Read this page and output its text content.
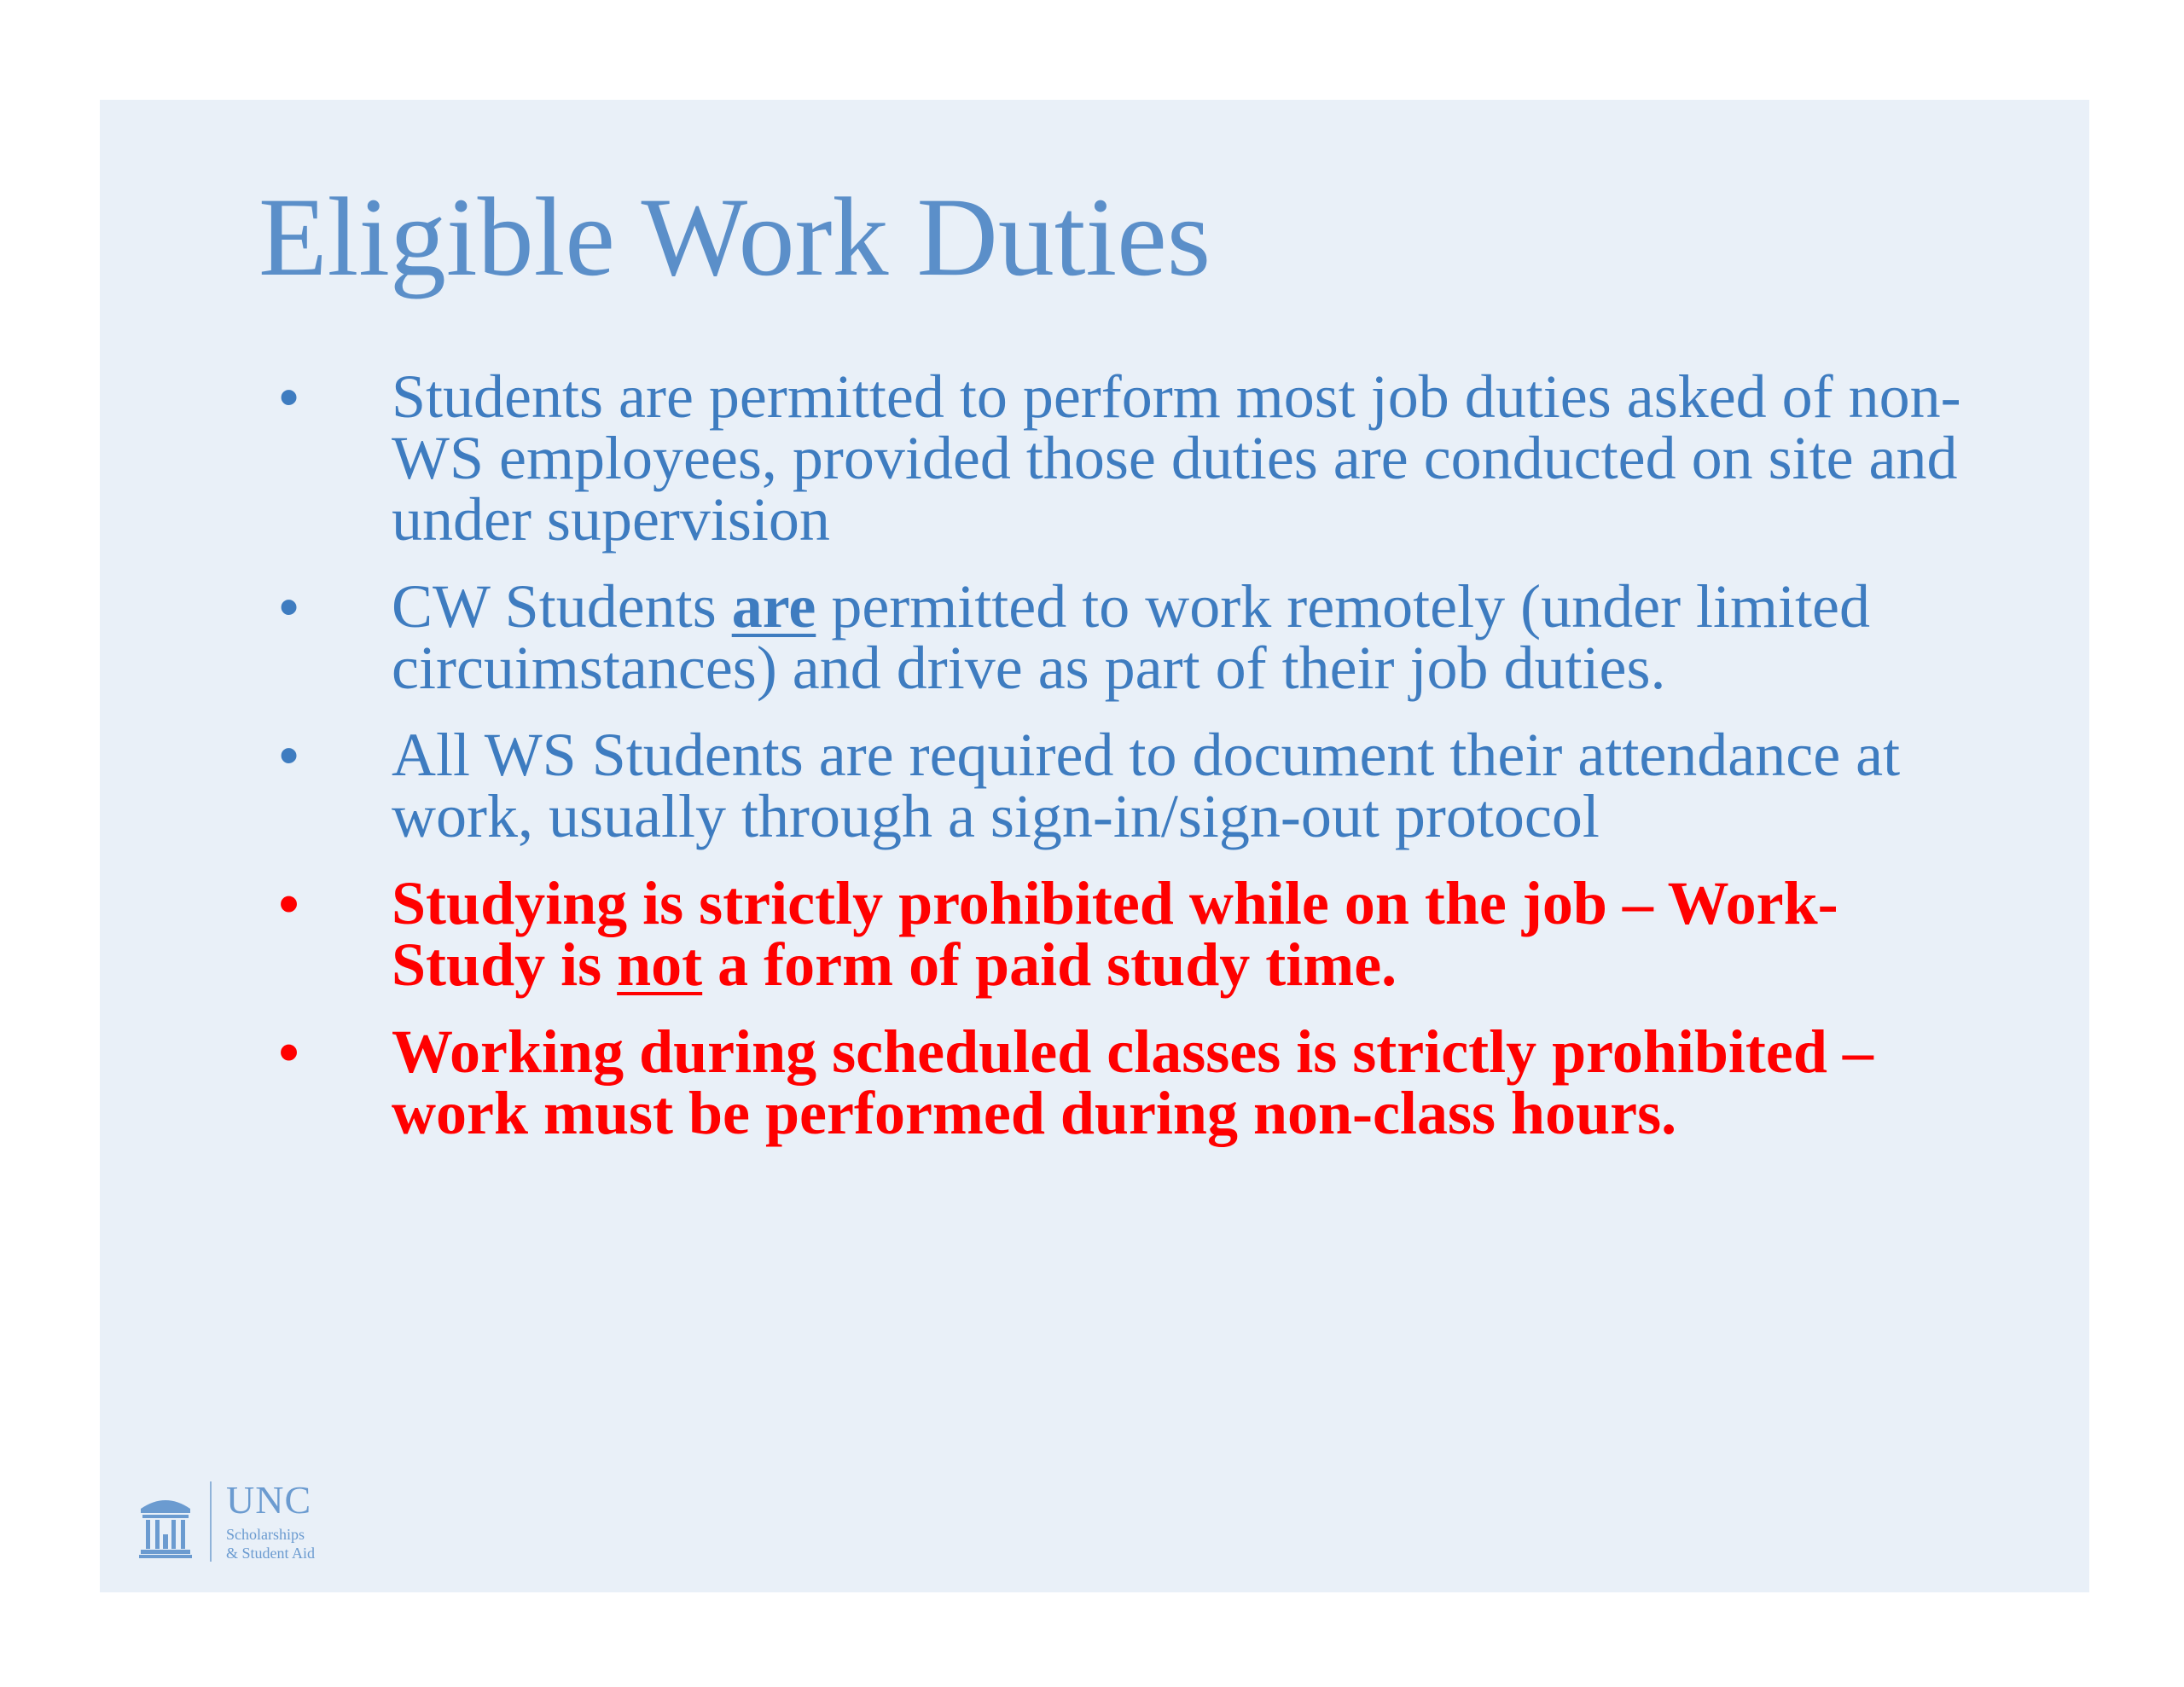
Eligible Work Duties
• Students are permitted to perform most job duties asked of non-WS employees, provided those duties are conducted on site and under supervision
• CW Students are permitted to work remotely (under limited circuimstances) and drive as part of their job duties.
• All WS Students are required to document their attendance at work, usually through a sign-in/sign-out protocol
• Studying is strictly prohibited while on the job – Work-Study is not a form of paid study time.
• Working during scheduled classes is strictly prohibited – work must be performed during non-class hours.
UNC
Scholarships
& Student Aid
